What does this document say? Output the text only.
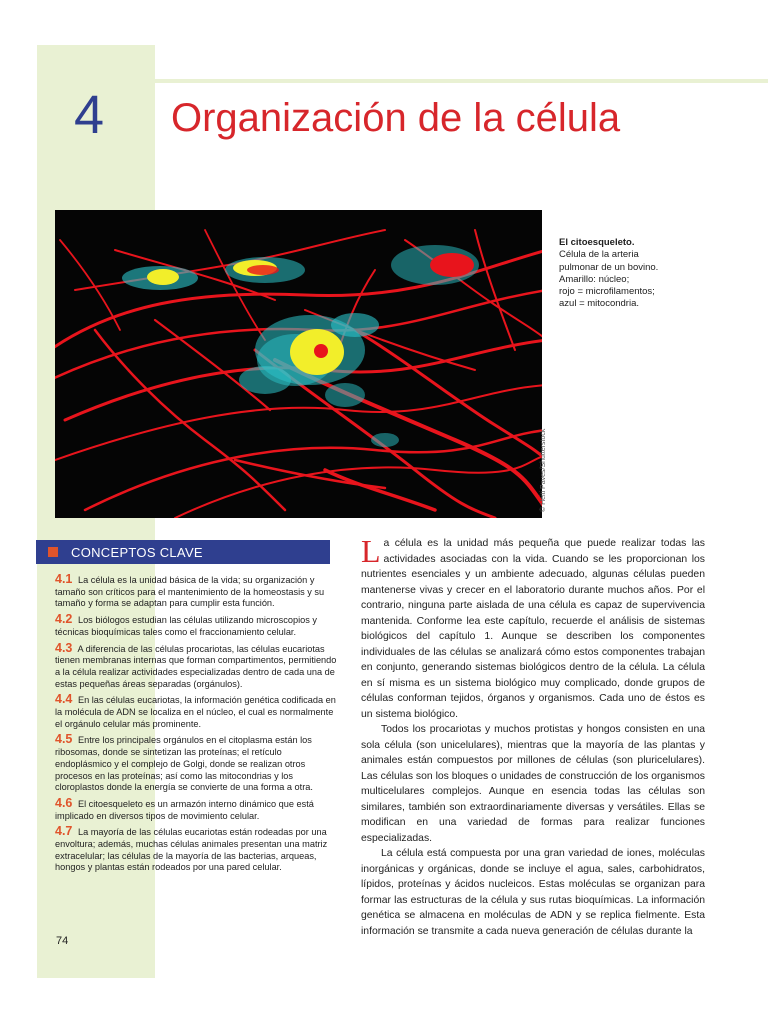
4 Organización de la célula
© Heiti Paves/Shutterstock
El citoesqueleto.
Célula de la arteria
pulmonar de un bovino.
Amarillo: núcleo;
rojo = microfilamentos;
azul = mitocondria.
CONCEPTOS CLAVE
4.1 La célula es la unidad básica de la vida; su organización y tamaño son críticos para el mantenimiento de la homeostasis y su tamaño y forma se adaptan para cumplir esta función.
4.2 Los biólogos estudian las células utilizando microscopios y técnicas bioquímicas tales como el fraccionamiento celular.
4.3 A diferencia de las células procariotas, las células eucariotas tienen membranas internas que forman compartimentos, permitiendo a la célula realizar actividades especializadas dentro de cada una de estas pequeñas áreas separadas (orgánulos).
4.4 En las células eucariotas, la información genética codificada en la molécula de ADN se localiza en el núcleo, el cual es normalmente el orgánulo celular más prominente.
4.5 Entre los principales orgánulos en el citoplasma están los ribosomas, donde se sintetizan las proteínas; el retículo endoplásmico y el complejo de Golgi, donde se realizan otros procesos en las proteínas; así como las mitocondrias y los cloroplastos donde la energía se convierte de una forma a otra.
4.6 El citoesqueleto es un armazón interno dinámico que está implicado en diversos tipos de movimiento celular.
4.7 La mayoría de las células eucariotas están rodeadas por una envoltura; además, muchas células animales presentan una matriz extracelular; las células de la mayoría de las bacterias, arqueas, hongos y plantas están rodeados por una pared celular.

La célula es la unidad más pequeña que puede realizar todas las actividades asociadas con la vida. Cuando se les proporcionan los nutrientes esenciales y un ambiente adecuado, algunas células pueden mantenerse vivas y crecer en el laboratorio durante muchos años. Por el contrario, ninguna parte aislada de una célula es capaz de supervivencia mantenida. Conforme lea este capítulo, recuerde el análisis de sistemas biológicos del capítulo 1. Aunque se describen los componentes individuales de las células se analizará cómo estos componentes trabajan en conjunto, generando sistemas biológicos dentro de la célula. La célula en sí misma es un sistema biológico muy complicado, donde grupos de células conforman tejidos, órganos y organismos. Cada uno de éstos es un sistema biológico.

Todos los procariotas y muchos protistas y hongos consisten en una sola célula (son unicelulares), mientras que la mayoría de las plantas y animales están compuestos por millones de células (son pluricelulares). Las células son los bloques o unidades de construcción de los organismos multicelulares complejos. Aunque en esencia todas las células son similares, también son extraordinariamente diversas y versátiles. Ellas se modifican en una variedad de formas para realizar funciones especializadas.

La célula está compuesta por una gran variedad de iones, moléculas inorgánicas y orgánicas, donde se incluye el agua, sales, carbohidratos, lípidos, proteínas y ácidos nucleicos. Estas moléculas se organizan para formar las estructuras de la célula y sus rutas bioquímicas. La información genética se almacena en moléculas de ADN y se replica fielmente. Esta información se transmite a cada nueva generación de células durante la

74
